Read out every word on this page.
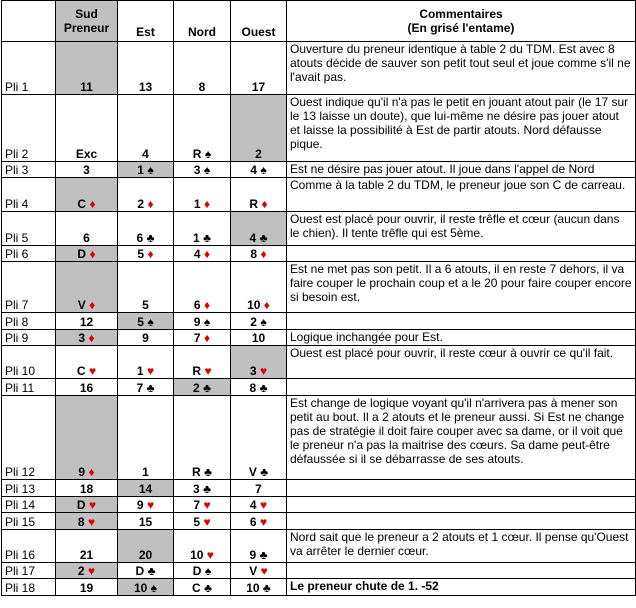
	Sud
Preneur	Est	Nord	Ouest	Commentaires
(En grisé l'entame)
Pli 1	11	13	8	17	Ouverture du preneur identique à table 2 du TDM. Est avec 8 atouts décide de sauver son petit tout seul et joue comme s'il ne l'avait pas.
Pli 2	Exc	4	R ♠	2	Ouest indique qu'il n'a pas le petit en jouant atout pair (le 17 sur le 13 laisse un doute), que lui-même ne désire pas jouer atout et laisse la possibilité à Est de partir atouts. Nord défausse pique.
Pli 3	3	1 ♠	3 ♠	4 ♠	Est ne désire pas jouer atout. Il joue dans l'appel de Nord
Pli 4	C ♦	2 ♦	1 ♦	R ♦	Comme à la table 2 du TDM, le preneur joue son C de carreau.
Pli 5	6	6 ♣	1 ♣	4 ♣	Ouest est placé pour ouvrir, il reste trêfle et cœur (aucun dans le chien). Il tente trêfle qui est 5ème.
Pli 6	D ♦	5 ♦	4 ♦	8 ♦	
Pli 7	V ♦	5	6 ♦	10 ♦	Est ne met pas son petit. Il a 6 atouts, il en reste 7 dehors, il va faire couper le prochain coup et a le 20 pour faire couper encore si besoin est.
Pli 8	12	5 ♠	9 ♠	2 ♠	
Pli 9	3 ♦	9	7 ♦	10	Logique inchangée pour Est.
Pli 10	C ♥	1 ♥	R ♥	3 ♥	Ouest est placé pour ouvrir, il reste cœur à ouvrir ce qu'il fait.
Pli 11	16	7 ♣	2 ♣	8 ♣	
Pli 12	9 ♦	1	R ♣	V ♣	Est change de logique voyant qu'il n'arrivera pas à mener son petit au bout. Il a 2 atouts et le preneur aussi. Si Est ne change pas de stratégie il doit faire couper avec sa dame, or il voit que le preneur n'a pas la maitrise des cœurs. Sa dame peut-être défaussée si il se débarrasse de ses atouts.
Pli 13	18	14	3 ♣	7	
Pli 14	D ♥	9 ♥	7 ♥	4 ♥	
Pli 15	8 ♥	15	5 ♥	6 ♥	
Pli 16	21	20	10 ♥	9 ♣	Nord sait que le preneur a 2 atouts et 1 cœur. Il pense qu'Ouest va arrêter le dernier cœur.
Pli 17	2 ♥	D ♣	D ♠	V ♥	
Pli 18	19	10 ♠	C ♣	10 ♣	Le preneur chute de 1. -52
